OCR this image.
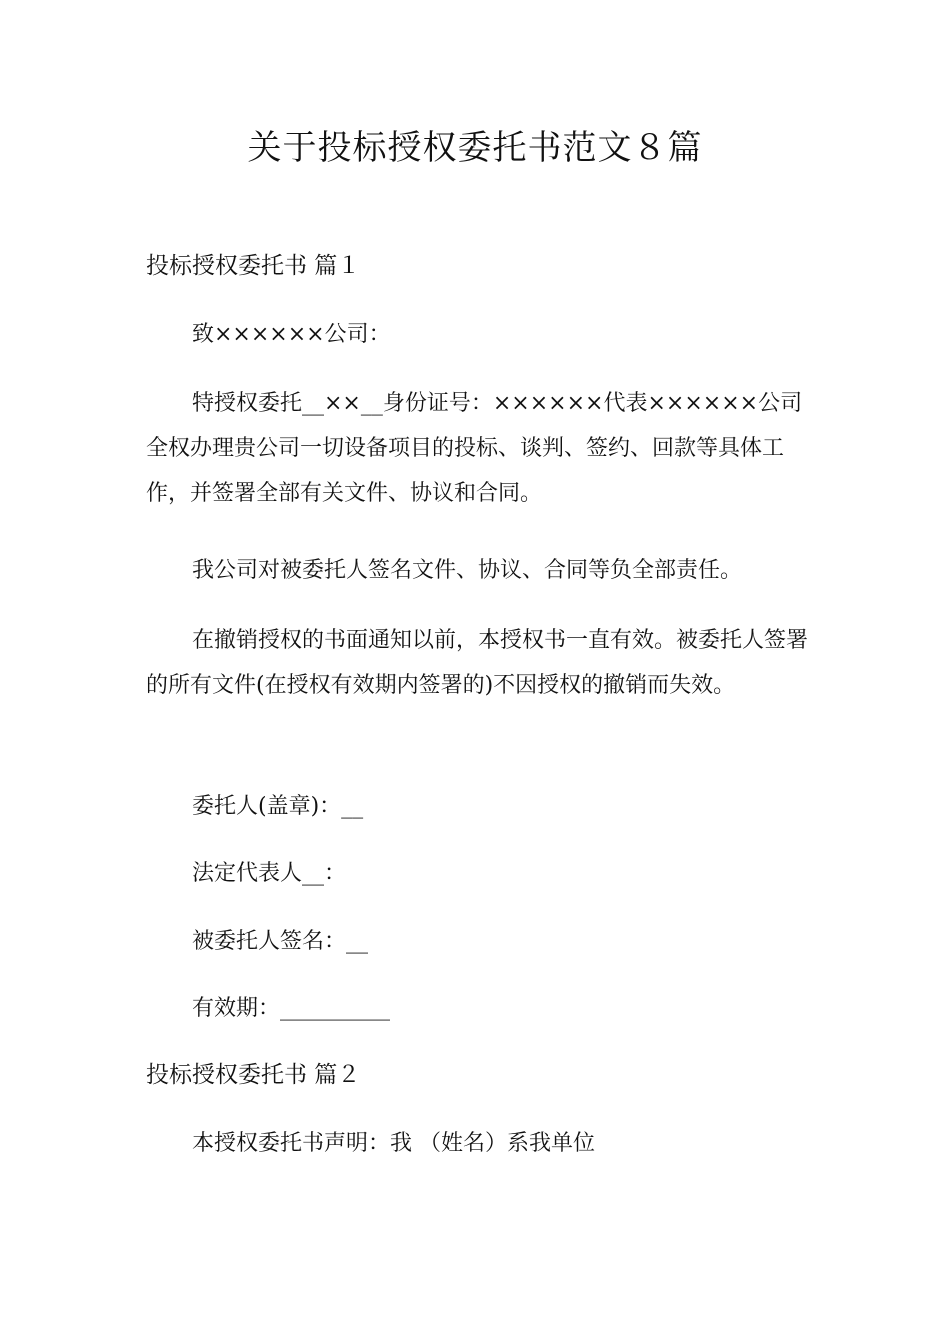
关于投标授权委托书范文８篇
投标授权委托书 篇１
致××××××公司：

特授权委托__××__身份证号：××××××代表××××××公司全权办理贵公司一切设备项目的投标、谈判、签约、回款等具体工作，并签署全部有关文件、协议和合同。

我公司对被委托人签名文件、协议、合同等负全部责任。

在撤销授权的书面通知以前，本授权书一直有效。被委托人签署的所有文件(在授权有效期内签署的)不因授权的撤销而失效。

委托人(盖章)：__
法定代表人__：
被委托人签名：__
有效期：__________
投标授权委托书 篇２
本授权委托书声明：我 （姓名）系我单位
